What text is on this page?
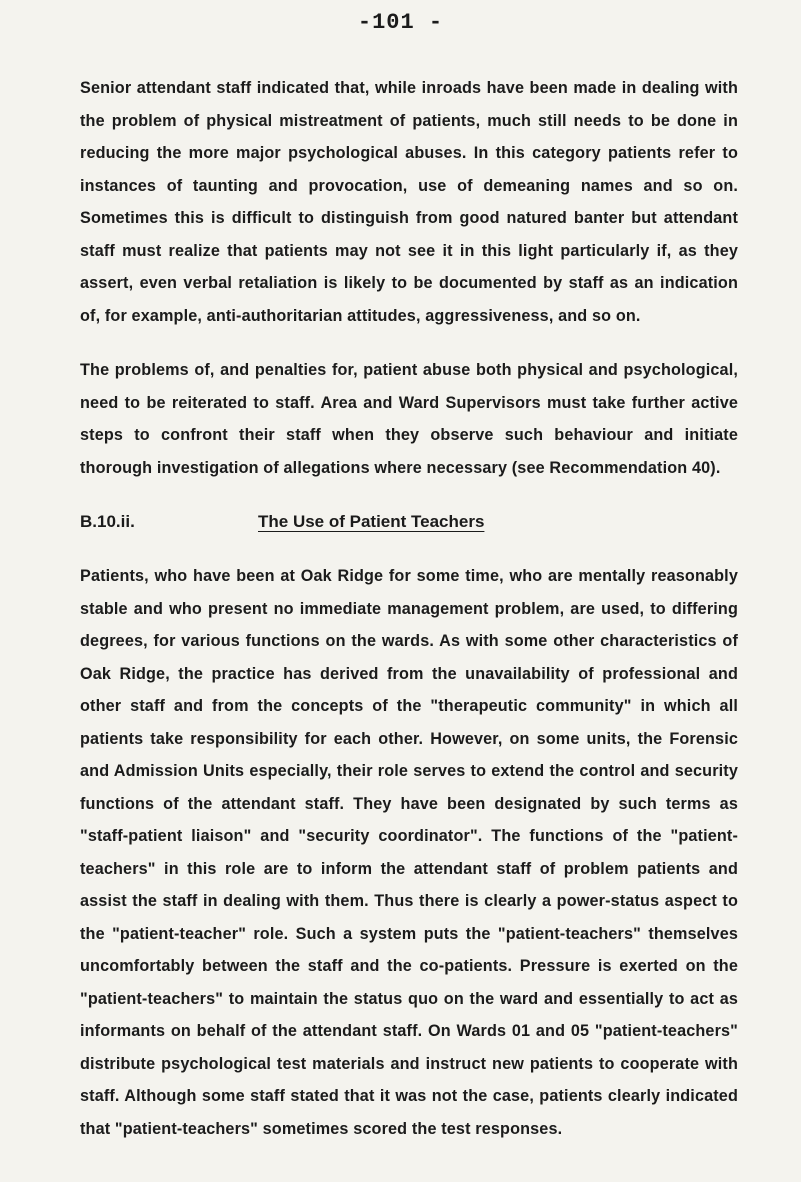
-101 -

Senior attendant staff indicated that, while inroads have been made in dealing with the problem of physical mistreatment of patients, much still needs to be done in reducing the more major psychological abuses. In this category patients refer to instances of taunting and provocation, use of demeaning names and so on. Sometimes this is difficult to distinguish from good natured banter but attendant staff must realize that patients may not see it in this light particularly if, as they assert, even verbal retaliation is likely to be documented by staff as an indication of, for example, anti-authoritarian attitudes, aggressiveness, and so on.

The problems of, and penalties for, patient abuse both physical and psychological, need to be reiterated to staff. Area and Ward Supervisors must take further active steps to confront their staff when they observe such behaviour and initiate thorough investigation of allegations where necessary (see Recommendation 40).

B.10.ii.	The Use of Patient Teachers

Patients, who have been at Oak Ridge for some time, who are mentally reasonably stable and who present no immediate management problem, are used, to differing degrees, for various functions on the wards. As with some other characteristics of Oak Ridge, the practice has derived from the unavailability of professional and other staff and from the concepts of the "therapeutic community" in which all patients take responsibility for each other. However, on some units, the Forensic and Admission Units especially, their role serves to extend the control and security functions of the attendant staff. They have been designated by such terms as "staff-patient liaison" and "security coordinator". The functions of the "patient-teachers" in this role are to inform the attendant staff of problem patients and assist the staff in dealing with them. Thus there is clearly a power-status aspect to the "patient-teacher" role. Such a system puts the "patient-teachers" themselves uncomfortably between the staff and the co-patients. Pressure is exerted on the "patient-teachers" to maintain the status quo on the ward and essentially to act as informants on behalf of the attendant staff. On Wards 01 and 05 "patient-teachers" distribute psychological test materials and instruct new patients to cooperate with staff. Although some staff stated that it was not the case, patients clearly indicated that "patient-teachers" sometimes scored the test responses.
